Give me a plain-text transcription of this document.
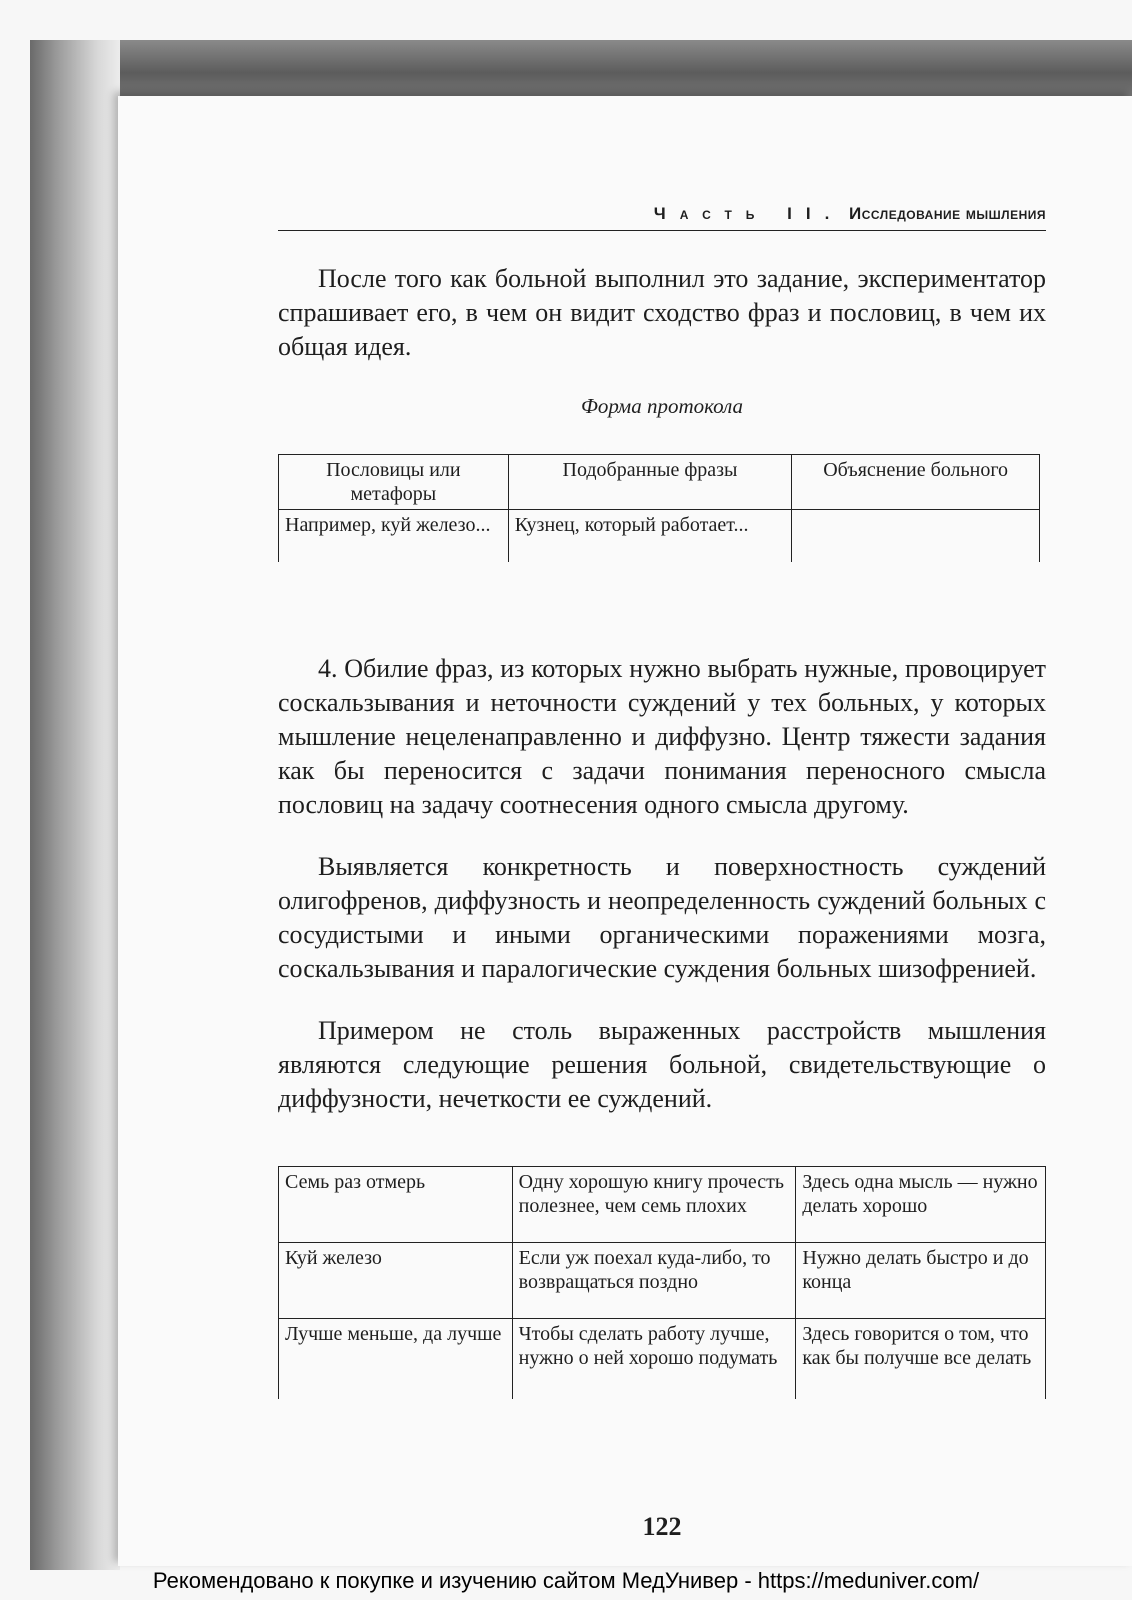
Часть II. Исследование мышления

После того как больной выполнил это задание, экспериментатор спрашивает его, в чем он видит сходство фраз и пословиц, в чем их общая идея.

Форма протокола
Пословицы или метафоры	Подобранные фразы	Объяснение больного
Например, куй железо...	Кузнец, который работает...	

4. Обилие фраз, из которых нужно выбрать нужные, провоцирует соскальзывания и неточности суждений у тех больных, у которых мышление нецеленаправленно и диффузно. Центр тяжести задания как бы переносится с задачи понимания переносного смысла пословиц на задачу соотнесения одного смысла другому.

Выявляется конкретность и поверхностность суждений олигофренов, диффузность и неопределенность суждений больных с сосудистыми и иными органическими поражениями мозга, соскальзывания и паралогические суждения больных шизофренией.

Примером не столь выраженных расстройств мышления являются следующие решения больной, свидетельствующие о диффузности, нечеткости ее суждений.

Семь раз отмерь	Одну хорошую книгу прочесть полезнее, чем семь плохих	Здесь одна мысль — нужно делать хорошо
Куй железо	Если уж поехал куда-либо, то возвращаться поздно	Нужно делать быстро и до конца
Лучше меньше, да лучше	Чтобы сделать работу лучше, нужно о ней хорошо подумать	Здесь говорится о том, что как бы получше все делать
122
Рекомендовано к покупке и изучению сайтом МедУнивер - https://meduniver.com/
